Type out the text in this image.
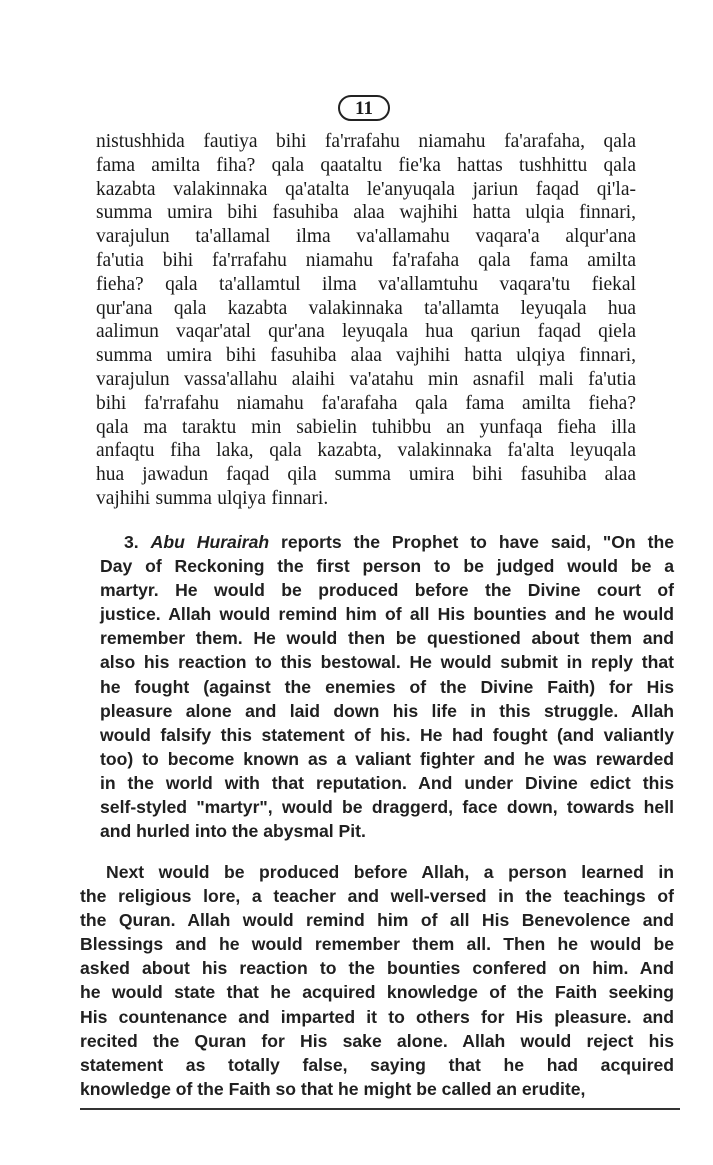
11
nistushhida fautiya bihi fa'rrafahu niamahu fa'arafaha, qala
fama amilta fiha? qala qaataltu fie'ka hattas tushhittu qala
kazabta valakinnaka qa'atalta le'anyuqala jariun faqad qi'la-
summa umira bihi fasuhiba alaa wajhihi hatta ulqia finnari,
varajulun ta'allamal ilma va'allamahu vaqara'a alqur'ana
fa'utia bihi fa'rrafahu niamahu fa'rafaha qala fama amilta
fieha? qala ta'allamtul ilma va'allamtuhu vaqara'tu fiekal
qur'ana qala kazabta valakinnaka ta'allamta leyuqala hua
aalimun vaqar'atal qur'ana leyuqala hua qariun faqad qiela
summa umira bihi fasuhiba alaa vajhihi hatta ulqiya finnari,
varajulun vassa'allahu alaihi va'atahu min asnafil mali fa'utia
bihi fa'rrafahu niamahu fa'arafaha qala fama amilta fieha?
qala ma taraktu min sabielin tuhibbu an yunfaqa fieha illa
anfaqtu fiha laka, qala kazabta, valakinnaka fa'alta leyuqala
hua jawadun faqad qila summa umira bihi fasuhiba alaa
vajhihi summa ulqiya finnari.
3. Abu Hurairah reports the Prophet to have said, "On the
Day of Reckoning the first person to be judged would be a
martyr. He would be produced before the Divine court of
justice. Allah would remind him of all His bounties and he would
remember them. He would then be questioned about them and
also his reaction to this bestowal. He would submit in reply that
he fought (against the enemies of the Divine Faith) for His
pleasure alone and laid down his life in this struggle. Allah
would falsify this statement of his. He had fought (and valiantly
too) to become known as a valiant fighter and he was rewarded
in the world with that reputation. And under Divine edict this
self-styled "martyr", would be draggerd, face down, towards hell
and hurled into the abysmal Pit.
Next would be produced before Allah, a person learned in
the religious lore, a teacher and well-versed in the teachings of
the Quran. Allah would remind him of all His Benevolence and
Blessings and he would remember them all. Then he would be
asked about his reaction to the bounties confered on him. And
he would state that he acquired knowledge of the Faith seeking
His countenance and imparted it to others for His pleasure. and
recited the Quran for His sake alone. Allah would reject his
statement as totally false, saying that he had acquired
knowledge of the Faith so that he might be called an erudite,
